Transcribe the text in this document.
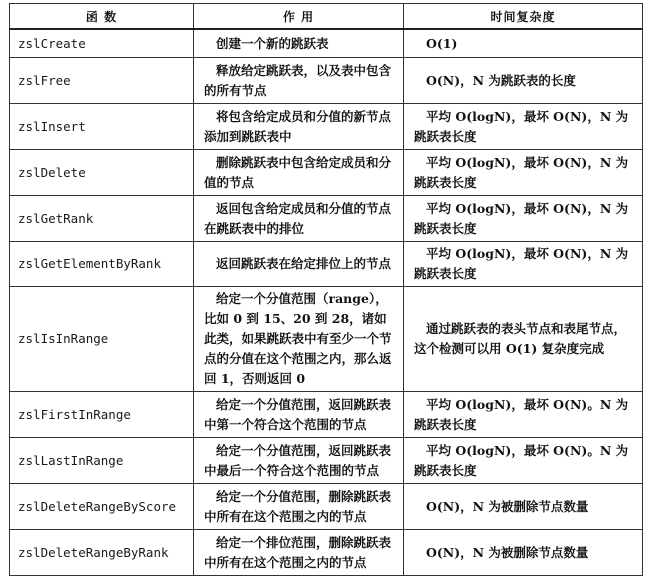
函 数	作 用	时间复杂度
zslCreate	创建一个新的跳跃表	O(1)
zslFree	释放给定跳跃表，以及表中包含的所有节点	O(N)，N 为跳跃表的长度
zslInsert	将包含给定成员和分值的新节点添加到跳跃表中	平均 O(logN)，最坏 O(N)，N 为跳跃表长度
zslDelete	删除跳跃表中包含给定成员和分值的节点	平均 O(logN)，最坏 O(N)，N 为跳跃表长度
zslGetRank	返回包含给定成员和分值的节点在跳跃表中的排位	平均 O(logN)，最坏 O(N)，N 为跳跃表长度
zslGetElementByRank	返回跳跃表在给定排位上的节点	平均 O(logN)，最坏 O(N)，N 为跳跃表长度
zslIsInRange	给定一个分值范围（range），比如 0 到 15、20 到 28，诸如此类，如果跳跃表中有至少一个节点的分值在这个范围之内，那么返回 1，否则返回 0	通过跳跃表的表头节点和表尾节点，这个检测可以用 O(1) 复杂度完成
zslFirstInRange	给定一个分值范围，返回跳跃表中第一个符合这个范围的节点	平均 O(logN)，最坏 O(N)。N 为跳跃表长度
zslLastInRange	给定一个分值范围，返回跳跃表中最后一个符合这个范围的节点	平均 O(logN)，最坏 O(N)。N 为跳跃表长度
zslDeleteRangeByScore	给定一个分值范围，删除跳跃表中所有在这个范围之内的节点	O(N)，N 为被删除节点数量
zslDeleteRangeByRank	给定一个排位范围，删除跳跃表中所有在这个范围之内的节点	O(N)，N 为被删除节点数量
